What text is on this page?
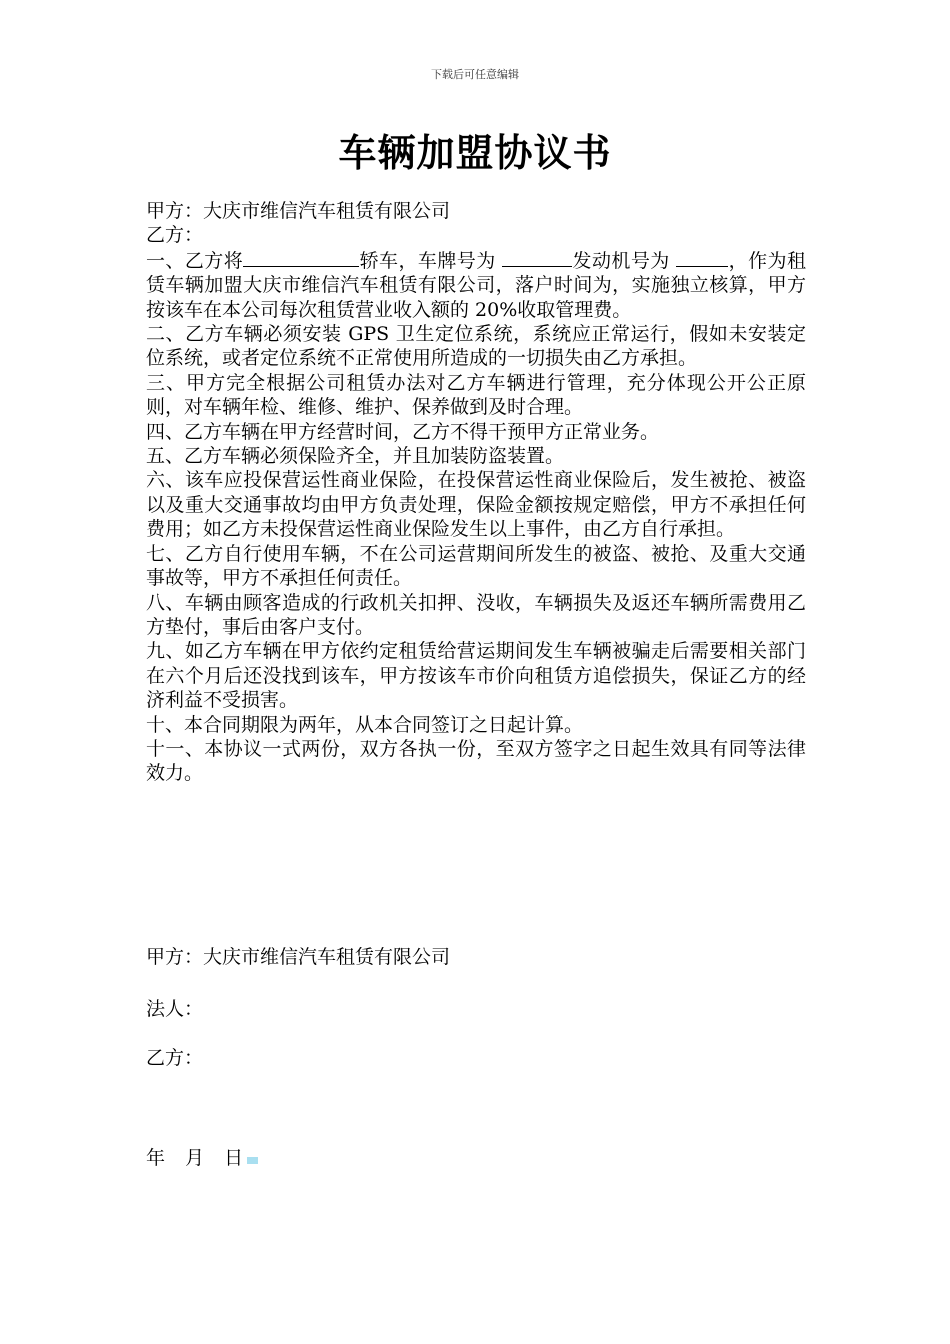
下载后可任意编辑
车辆加盟协议书

甲方：大庆市维信汽车租赁有限公司

乙方：

一、乙方将	轿车，车牌号为	发动机号为	，作为租赁车辆加盟大庆市维信汽车租赁有限公司，落户时间为，实施独立核算，甲方按该车在本公司每次租赁营业收入额的 20%收取管理费。

二、乙方车辆必须安装 GPS 卫生定位系统，系统应正常运行，假如未安装定位系统，或者定位系统不正常使用所造成的一切损失由乙方承担。

三、甲方完全根据公司租赁办法对乙方车辆进行管理，充分体现公开公正原则，对车辆年检、维修、维护、保养做到及时合理。

四、乙方车辆在甲方经营时间，乙方不得干预甲方正常业务。

五、乙方车辆必须保险齐全，并且加装防盗装置。

六、该车应投保营运性商业保险，在投保营运性商业保险后，发生被抢、被盗以及重大交通事故均由甲方负责处理，保险金额按规定赔偿，甲方不承担任何费用；如乙方未投保营运性商业保险发生以上事件，由乙方自行承担。

七、乙方自行使用车辆，不在公司运营期间所发生的被盗、被抢、及重大交通事故等，甲方不承担任何责任。

八、车辆由顾客造成的行政机关扣押、没收，车辆损失及返还车辆所需费用乙方垫付，事后由客户支付。

九、如乙方车辆在甲方依约定租赁给营运期间发生车辆被骗走后需要相关部门在六个月后还没找到该车，甲方按该车市价向租赁方追偿损失，保证乙方的经济利益不受损害。

十、本合同期限为两年，从本合同签订之日起计算。

十一、本协议一式两份，双方各执一份，至双方签字之日起生效具有同等法律效力。

甲方：大庆市维信汽车租赁有限公司
法人：
乙方：
年 月 日
